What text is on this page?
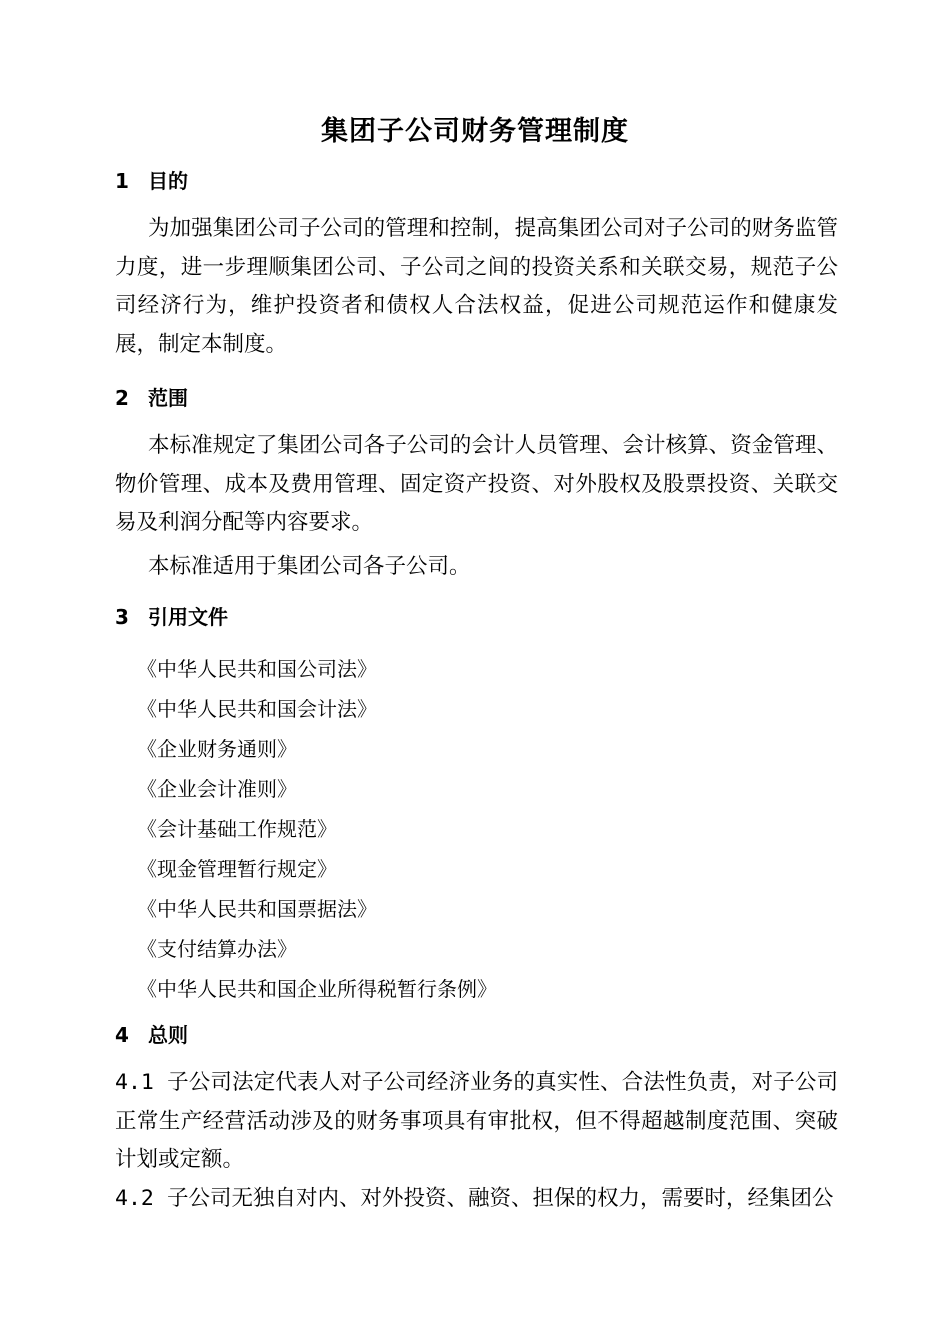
集团子公司财务管理制度
1 目的

为加强集团公司子公司的管理和控制，提高集团公司对子公司的财务监管力度，进一步理顺集团公司、子公司之间的投资关系和关联交易，规范子公司经济行为，维护投资者和债权人合法权益，促进公司规范运作和健康发展，制定本制度。

2 范围

本标准规定了集团公司各子公司的会计人员管理、会计核算、资金管理、物价管理、成本及费用管理、固定资产投资、对外股权及股票投资、关联交易及利润分配等内容要求。

本标准适用于集团公司各子公司。

3 引用文件
《中华人民共和国公司法》
《中华人民共和国会计法》
《企业财务通则》
《企业会计准则》
《会计基础工作规范》
《现金管理暂行规定》
《中华人民共和国票据法》
《支付结算办法》
《中华人民共和国企业所得税暂行条例》
4 总则

4.1 子公司法定代表人对子公司经济业务的真实性、合法性负责，对子公司正常生产经营活动涉及的财务事项具有审批权，但不得超越制度范围、突破计划或定额。

4.2 子公司无独自对内、对外投资、融资、担保的权力，需要时，经集团公
